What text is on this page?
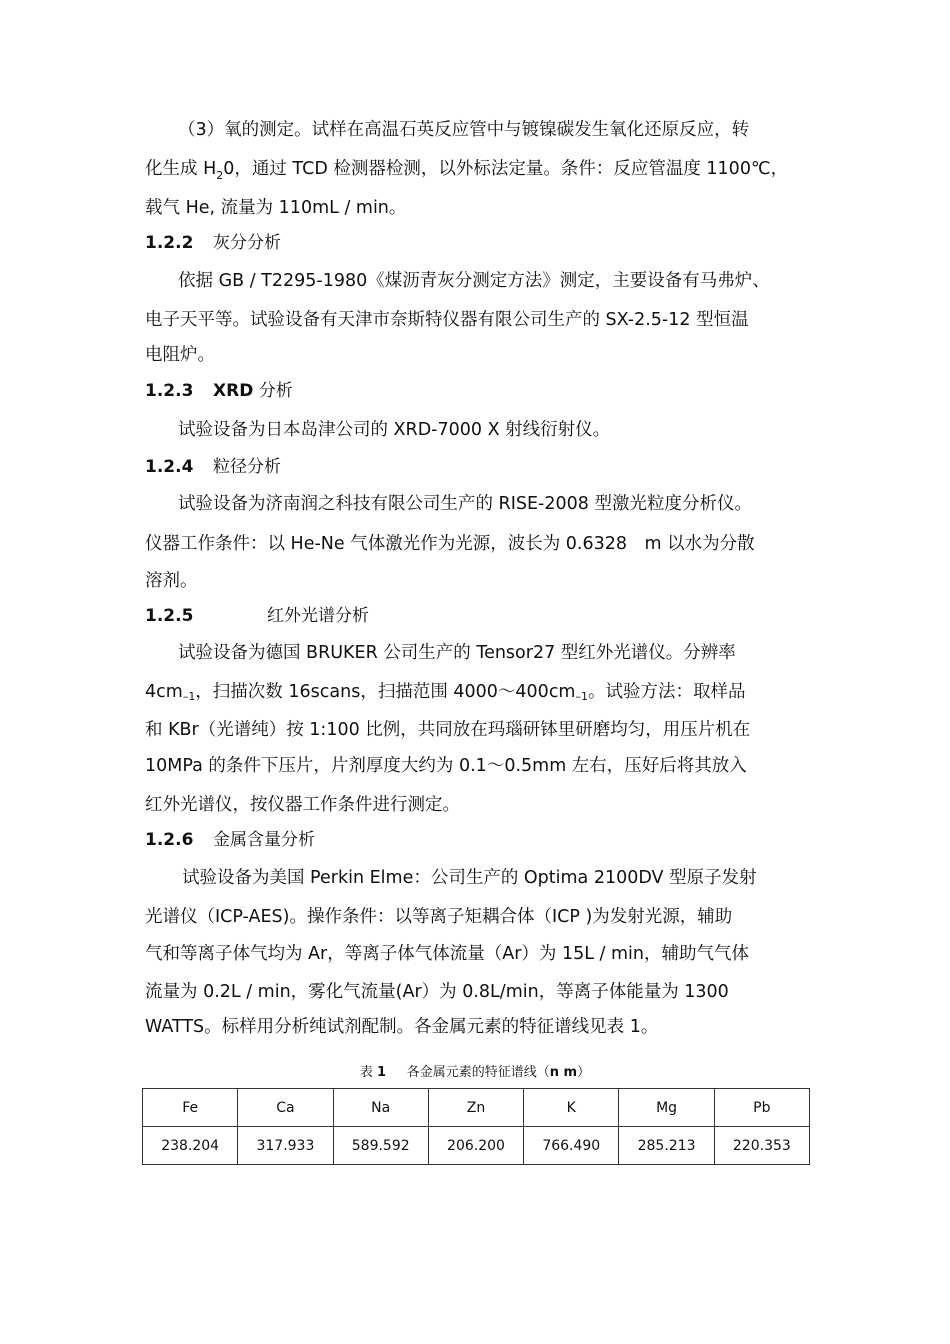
（3）氧的测定。试样在高温石英反应管中与镀镍碳发生氧化还原反应，转
化生成 $H_20$，通过 TCD 检测器检测，以外标法定量。条件：反应管温度 1100℃，
载气 He, 流量为 110mL / min。
1.2.2 灰分分析
依据 GB / T2295-1980《煤沥青灰分测定方法》测定，主要设备有马弗炉、
电子天平等。试验设备有天津市奈斯特仪器有限公司生产的 SX-2.5-12 型恒温
电阻炉。
1.2.3 XRD 分析
试验设备为日本岛津公司的 XRD-7000 X 射线衍射仪。
1.2.4 粒径分析
试验设备为济南润之科技有限公司生产的 RISE-2008 型激光粒度分析仪。
仪器工作条件：以 He-Ne 气体激光作为光源，波长为 0.6328　m 以水为分散
溶剂。
1.2.5	红外光谱分析
试验设备为德国 BRUKER 公司生产的 Tensor27 型红外光谱仪。分辨率
4cm–1，扫描次数 16scans，扫描范围 4000～400cm–1。试验方法：取样品
和 KBr（光谱纯）按 1:100 比例，共同放在玛瑙研钵里研磨均匀，用压片机在
10MPa 的条件下压片，片剂厚度大约为 0.1～0.5mm 左右，压好后将其放入
红外光谱仪，按仪器工作条件进行测定。
1.2.6 金属含量分析
试验设备为美国 Perkin Elme：公司生产的 Optima 2100DV 型原子发射
光谱仪（ICP-AES)。操作条件：以等离子矩耦合体（ICP )为发射光源，辅助
气和等离子体气均为 Ar，等离子体气体流量（Ar）为 15L / min，辅助气气体
流量为 0.2L / min，雾化气流量(Ar）为 0.8L/min，等离子体能量为 1300
WATTS。标样用分析纯试剂配制。各金属元素的特征谱线见表 1。
表 1 各金属元素的特征谱线（n m）
Fe	Ca	Na	Zn	K	Mg	Pb
238.204	317.933	589.592	206.200	766.490	285.213	220.353
